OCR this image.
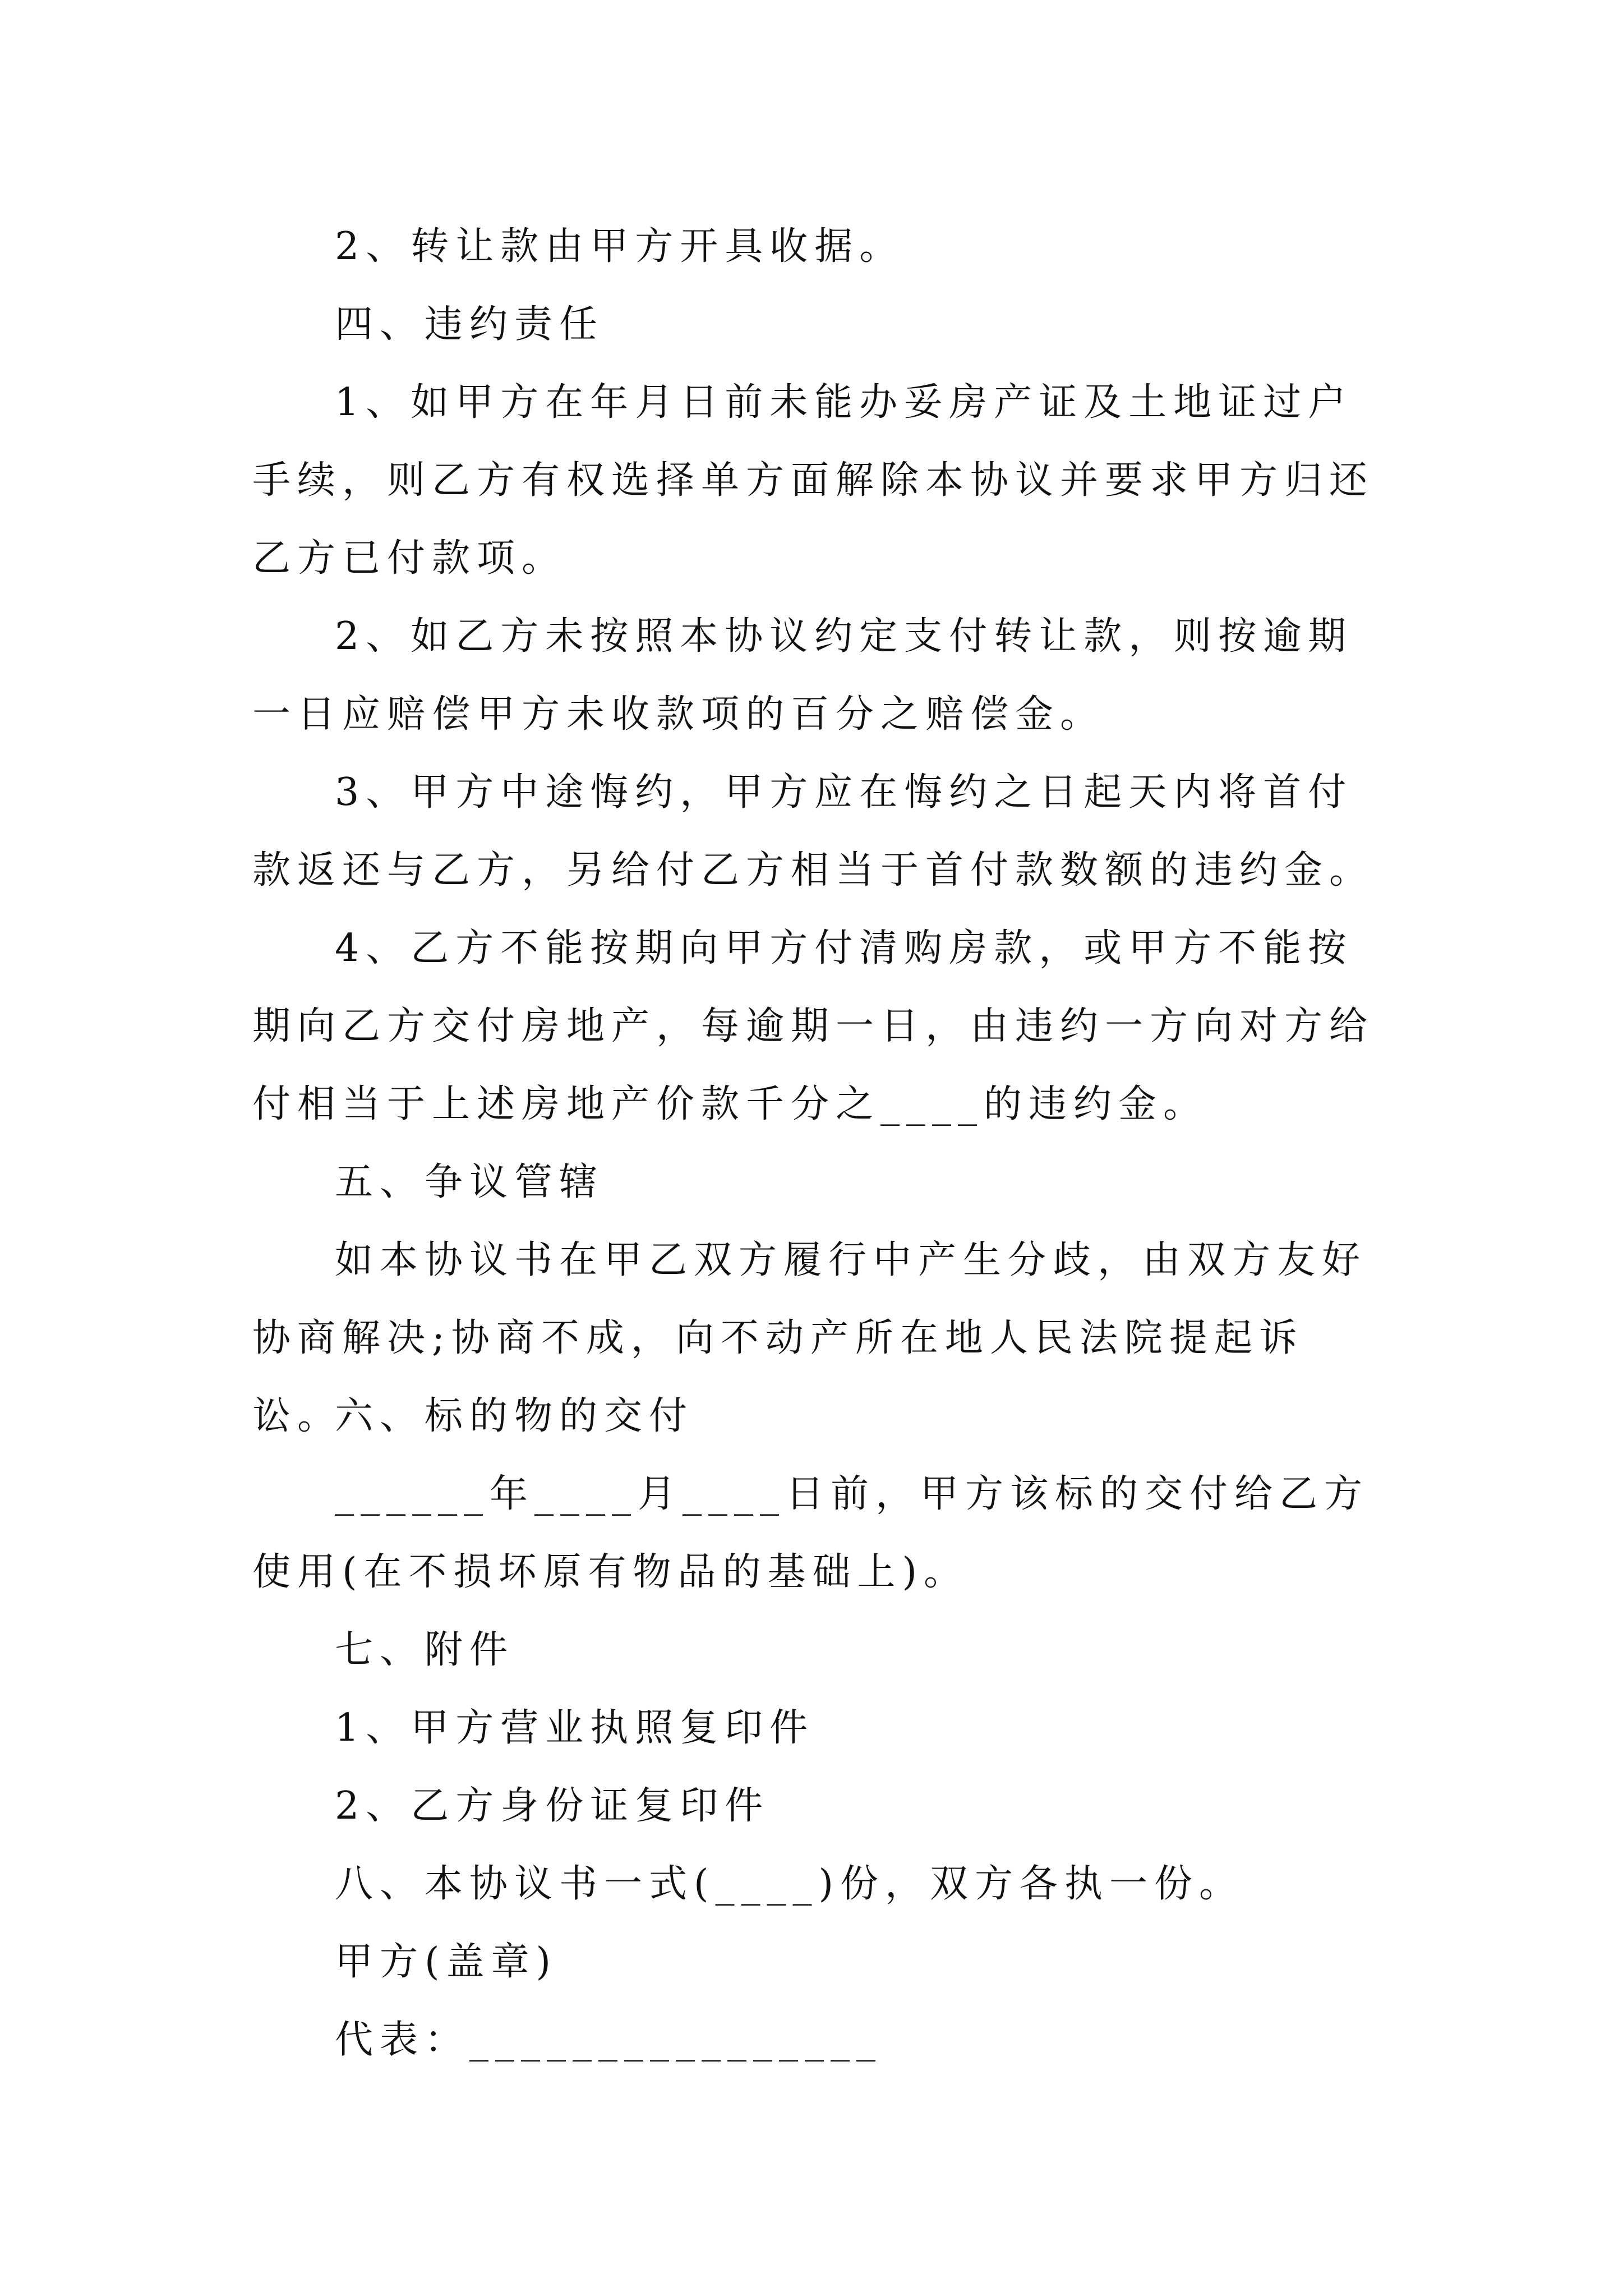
2、转让款由甲方开具收据。

四、违约责任

1、如甲方在年月日前未能办妥房产证及土地证过户手续，则乙方有权选择单方面解除本协议并要求甲方归还乙方已付款项。

2、如乙方未按照本协议约定支付转让款，则按逾期一日应赔偿甲方未收款项的百分之赔偿金。

3、甲方中途悔约，甲方应在悔约之日起天内将首付款返还与乙方，另给付乙方相当于首付款数额的违约金。

4、乙方不能按期向甲方付清购房款，或甲方不能按期向乙方交付房地产，每逾期一日，由违约一方向对方给付相当于上述房地产价款千分之____的违约金。

五、争议管辖

如本协议书在甲乙双方履行中产生分歧，由双方友好协商解决;协商不成，向不动产所在地人民法院提起诉讼。

六、标的物的交付

______年____月____日前，甲方该标的交付给乙方使用(在不损坏原有物品的基础上)。

七、附件

1、甲方营业执照复印件

2、乙方身份证复印件

八、本协议书一式(____)份，双方各执一份。

甲方(盖章)

代表：________________
